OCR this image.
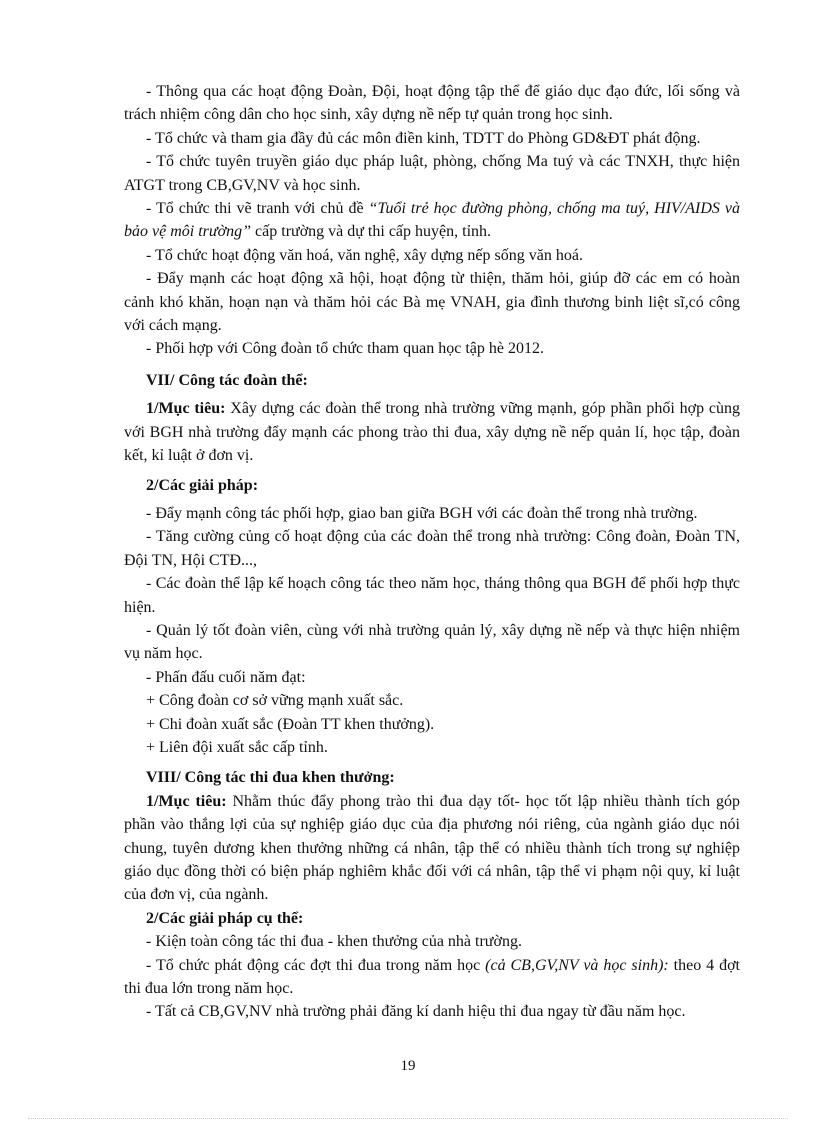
- Thông qua các hoạt động Đoàn, Đội, hoạt động tập thể để giáo dục đạo đức, lối sống và trách nhiệm công dân cho học sinh, xây dựng nề nếp tự quản trong học sinh.

- Tổ chức và tham gia đầy đủ các môn điền kinh, TDTT do Phòng GD&ĐT phát động.

- Tổ chức tuyên truyền giáo dục pháp luật, phòng, chống Ma tuý và các TNXH, thực hiện ATGT trong CB,GV,NV và học sinh.

- Tổ chức thi vẽ tranh với chủ đề “Tuổi trẻ học đường phòng, chống ma tuý, HIV/AIDS và bảo vệ môi trường” cấp trường và dự thi cấp huyện, tỉnh.

- Tổ chức hoạt động văn hoá, văn nghệ, xây dựng nếp sống văn hoá.

- Đẩy mạnh các hoạt động xã hội, hoạt động từ thiện, thăm hỏi, giúp đỡ các em có hoàn cảnh khó khăn, hoạn nạn và thăm hỏi các Bà mẹ VNAH, gia đình thương binh liệt sĩ,có công với cách mạng.

- Phối hợp với Công đoàn tổ chức tham quan học tập hè 2012.

VII/ Công tác đoàn thể:

1/Mục tiêu: Xây dựng các đoàn thể trong nhà trường vững mạnh, góp phần phối hợp cùng với BGH nhà trường đẩy mạnh các phong trào thi đua, xây dựng nề nếp quản lí, học tập, đoàn kết, kỉ luật ở đơn vị.

2/Các giải pháp:

- Đẩy mạnh công tác phối hợp, giao ban giữa BGH với các đoàn thể trong nhà trường.

- Tăng cường củng cố hoạt động của các đoàn thể trong nhà trường: Công đoàn, Đoàn TN, Đội TN, Hội CTĐ...,

- Các đoàn thể lập kế hoạch công tác theo năm học, tháng thông qua BGH để phối hợp thực hiện.

- Quản lý tốt đoàn viên, cùng với nhà trường quản lý, xây dựng nề nếp và thực hiện nhiệm vụ năm học.

- Phấn đấu cuối năm đạt:

+ Công đoàn cơ sở vững mạnh xuất sắc.

+ Chi đoàn xuất sắc (Đoàn TT khen thưởng).

+ Liên đội xuất sắc cấp tỉnh.

VIII/ Công tác thi đua khen thưởng:

1/Mục tiêu: Nhằm thúc đẩy phong trào thi đua dạy tốt- học tốt lập nhiều thành tích góp phần vào thắng lợi của sự nghiệp giáo dục của địa phương nói riêng, của ngành giáo dục nói chung, tuyên dương khen thưởng những cá nhân, tập thể có nhiều thành tích trong sự nghiệp giáo dục đồng thời có biện pháp nghiêm khắc đối với cá nhân, tập thể vi phạm nội quy, kỉ luật của đơn vị, của ngành.

2/Các giải pháp cụ thể:

- Kiện toàn công tác thi đua - khen thưởng của nhà trường.

- Tổ chức phát động các đợt thi đua trong năm học (cả CB,GV,NV và học sinh): theo 4 đợt thi đua lớn trong năm học.

- Tất cả CB,GV,NV nhà trường phải đăng kí danh hiệu thi đua ngay từ đầu năm học.

19
